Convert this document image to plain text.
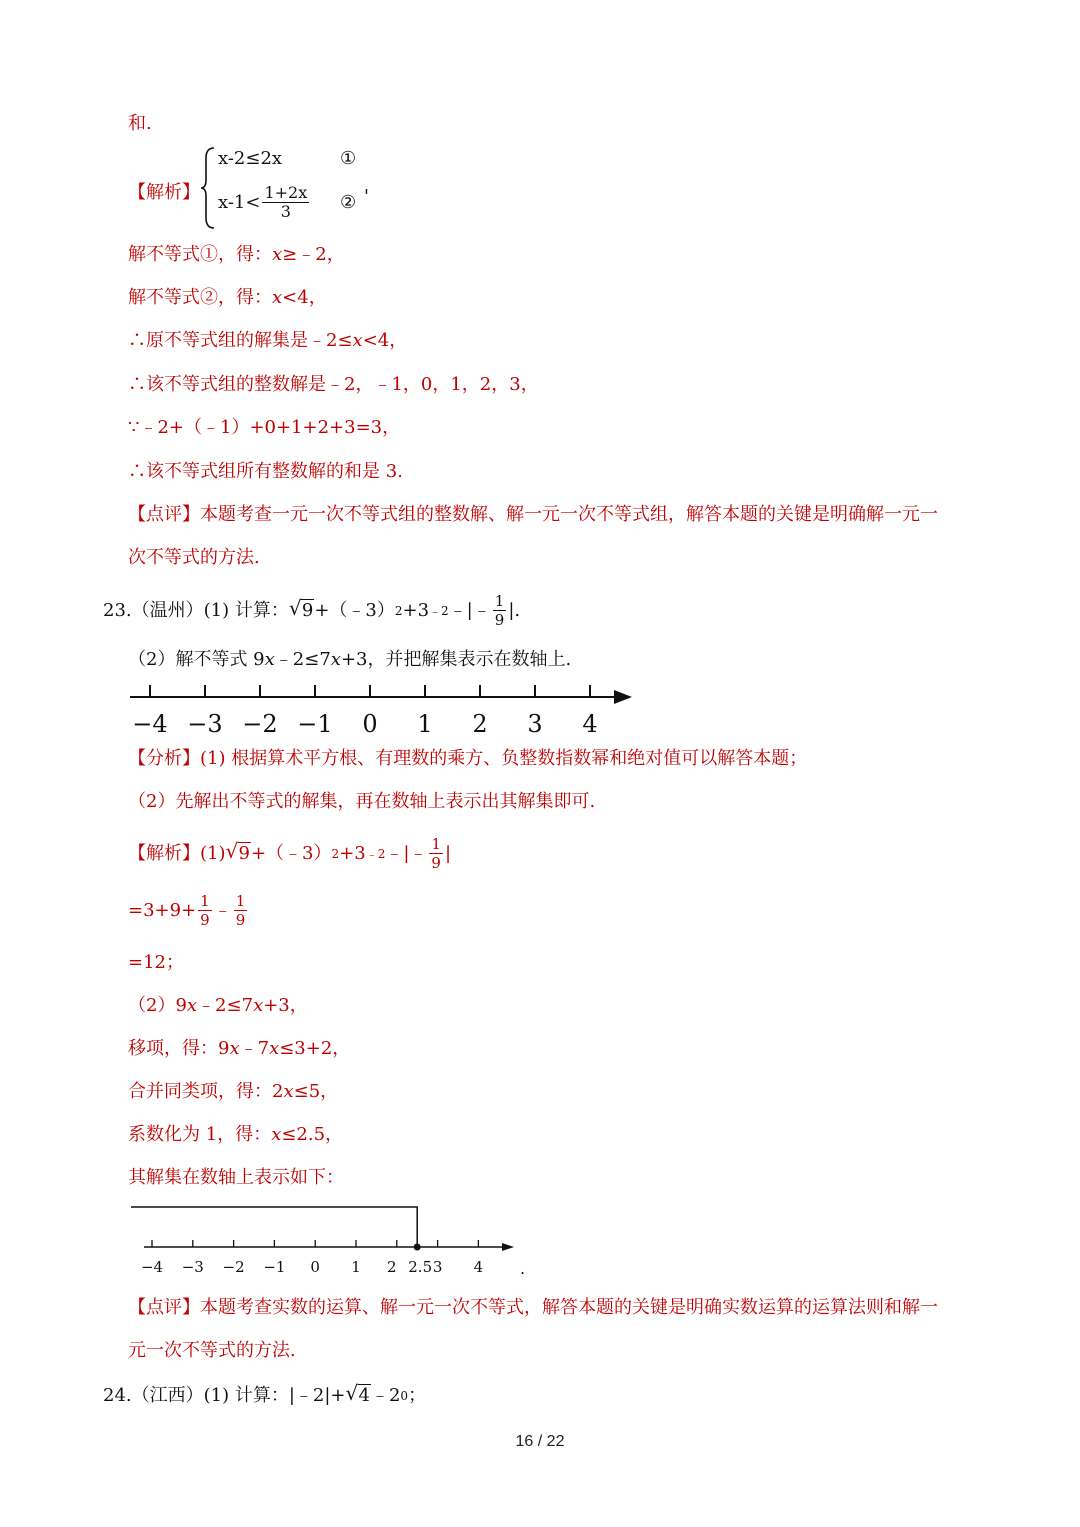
和.
【解析】
x-2≤2x	①
$x-1 < \frac{1+2x}{3}$ ② '
解不等式①，得：x≥﹣2，
解不等式②，得：x<4，
∴原不等式组的解集是﹣2≤x<4，
∴该不等式组的整数解是﹣2，﹣1，0，1，2，3，
∵﹣2+（﹣1）+0+1+2+3=3，
∴该不等式组所有整数解的和是 3.
【点评】本题考查一元一次不等式组的整数解、解一元一次不等式组，解答本题的关键是明确解一元一
次不等式的方法.
23.（温州）(1) 计算： √ 9 +（﹣3） 2 +3 ﹣2 ﹣|﹣ $\frac{1}{9}$ |.
（2）解不等式 9x﹣2≤7x+3，并把解集表示在数轴上.
−4 −3 −2 −1 0 1 2 3 4
【分析】(1) 根据算术平方根、有理数的乘方、负整数指数幂和绝对值可以解答本题；
（2）先解出不等式的解集，再在数轴上表示出其解集即可.
【解析】 (1) √ 9 +（﹣3） 2 +3 ﹣2 ﹣|﹣ $\frac{1}{9}$ |
$=3+9+ \frac{1}{9}$ ﹣ $\frac{1}{9}$
=12；
（2）9x﹣2≤7x+3，
移项，得：9x﹣7x≤3+2，
合并同类项，得：2x≤5，
系数化为 1，得：x≤2.5，
其解集在数轴上表示如下：
−4 −3 −2 −1 0 1 2 2.5 3 4 .
【点评】本题考查实数的运算、解一元一次不等式，解答本题的关键是明确实数运算的运算法则和解一
元一次不等式的方法.
24.（江西）(1) 计算：|﹣2|+ √ 4 ﹣2 0 ；
16 / 22
